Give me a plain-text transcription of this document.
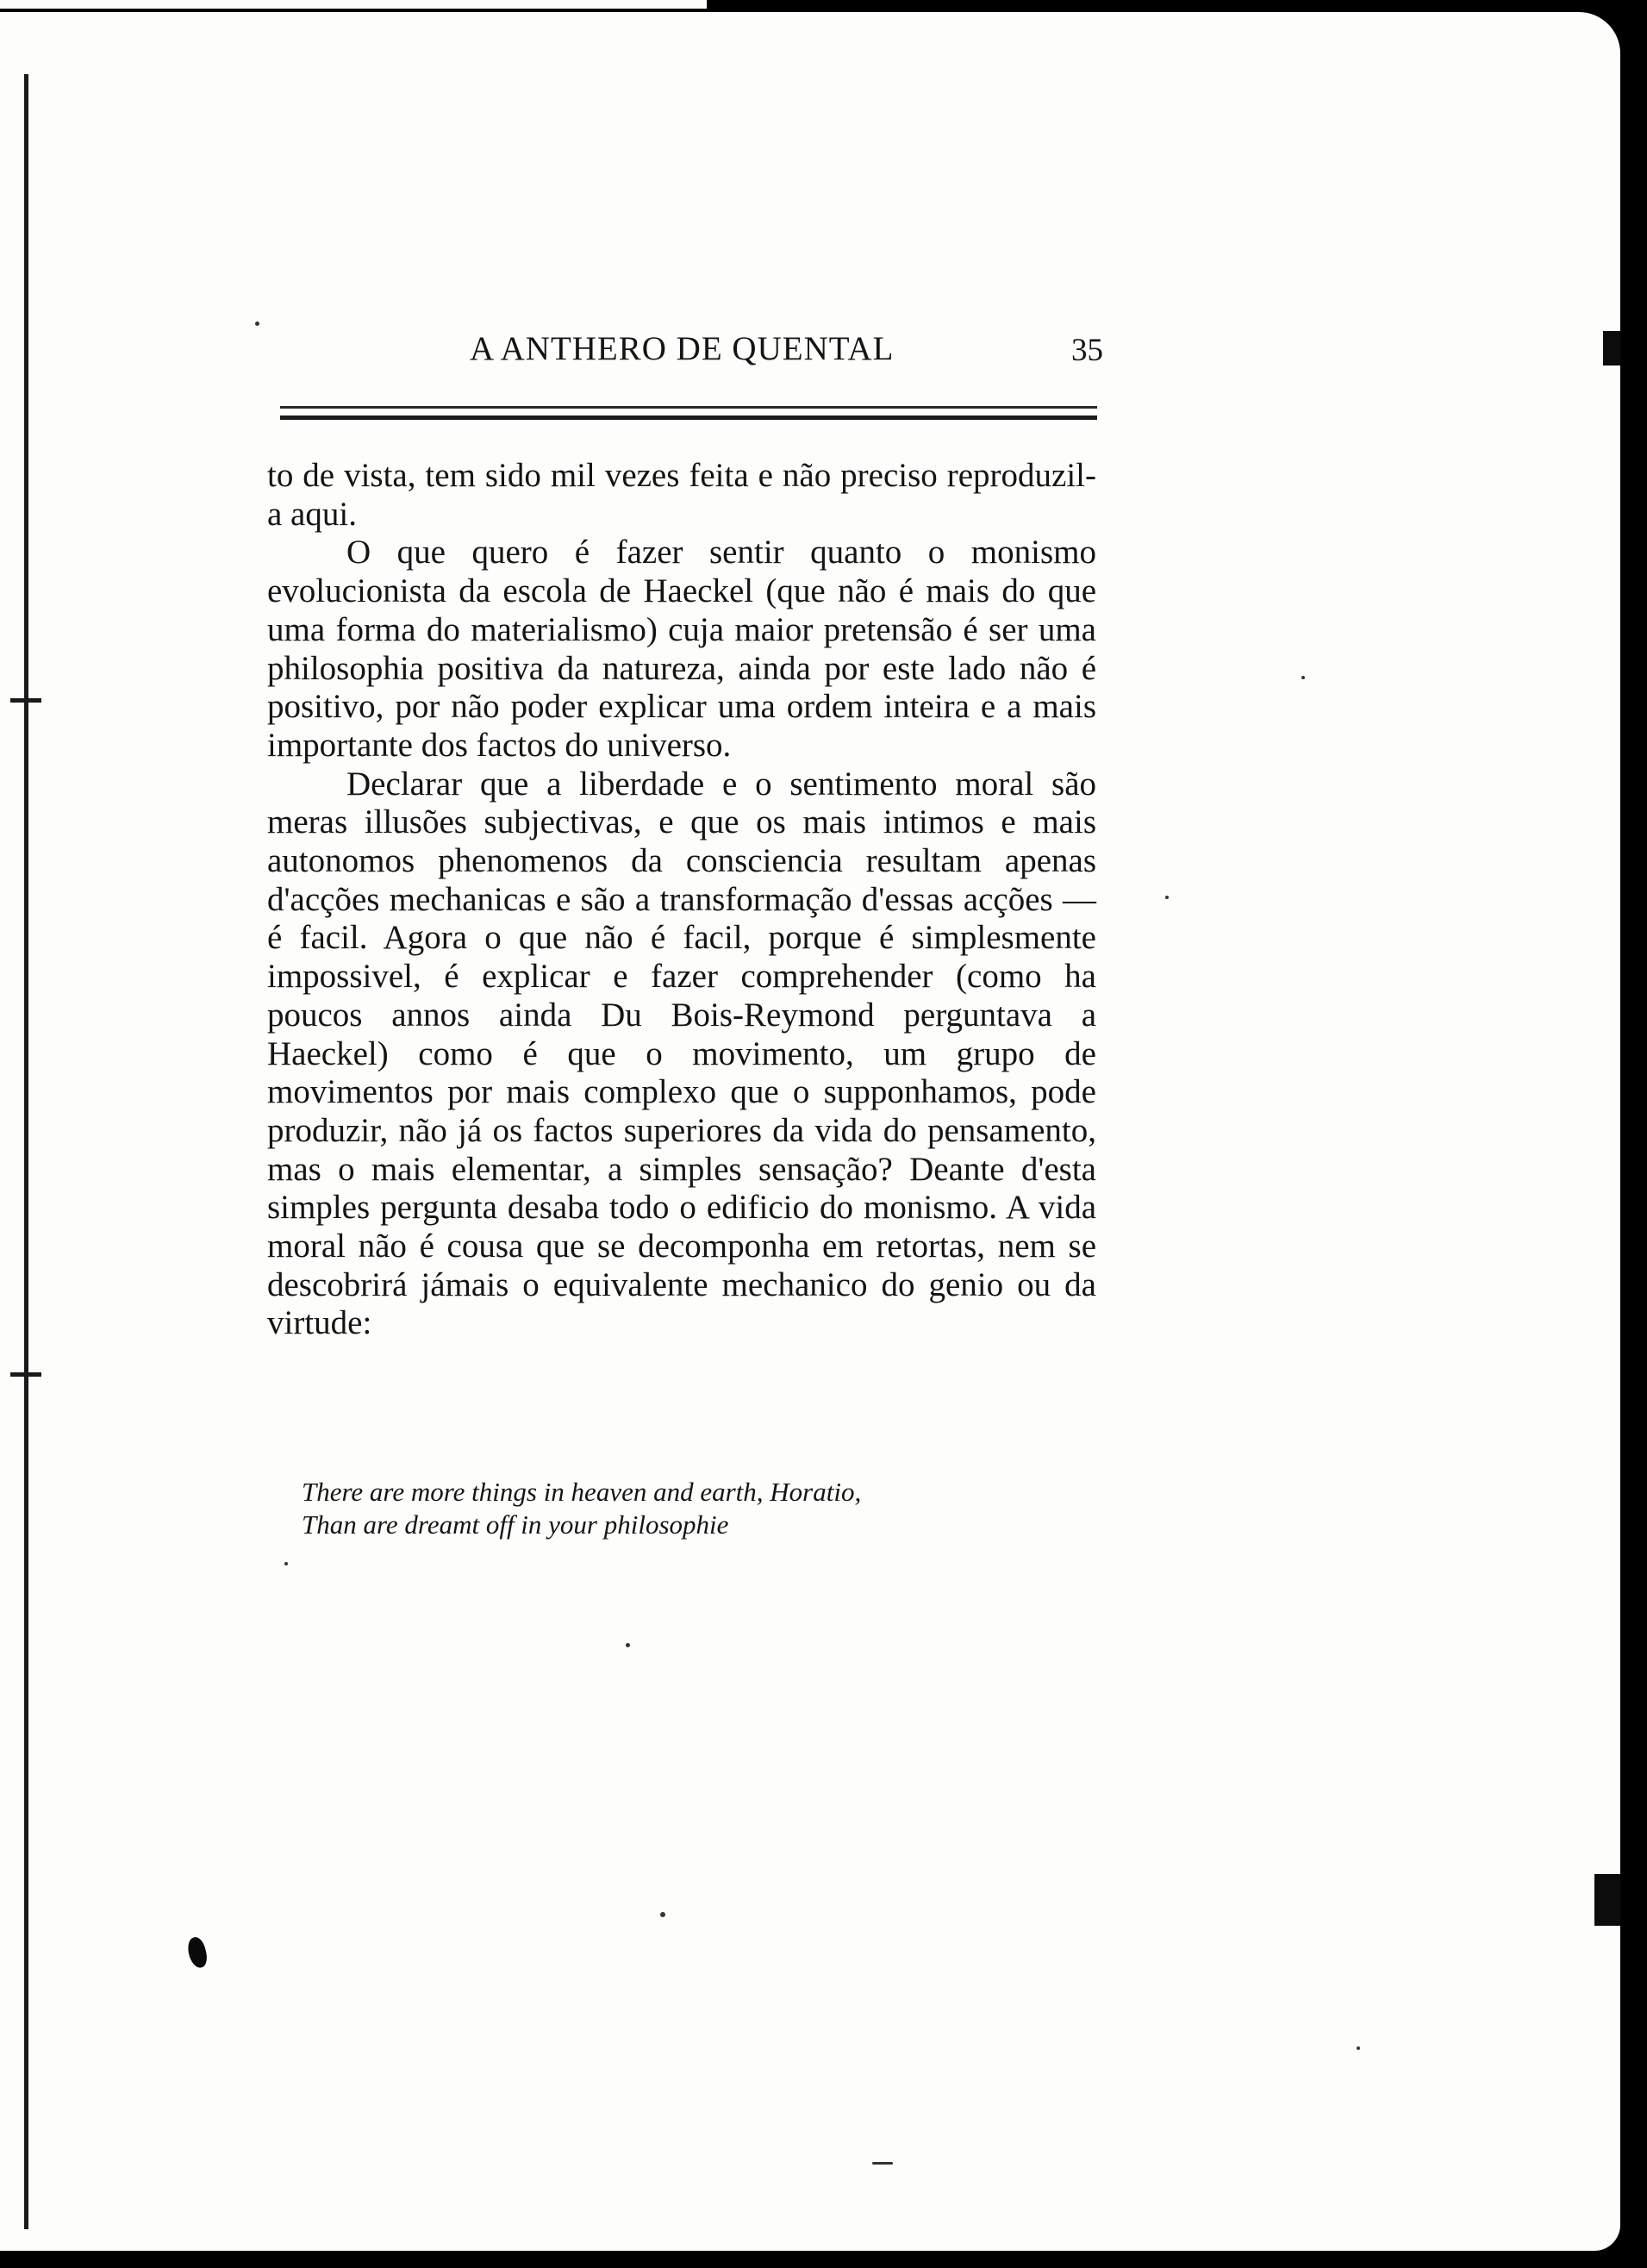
A ANTHERO DE QUENTAL	35

to de vista, tem sido mil vezes feita e não preciso reproduzil-a aqui.

O que quero é fazer sentir quanto o monismo evolucionista da escola de Haeckel (que não é mais do que uma forma do materialismo) cuja maior pretensão é ser uma philosophia positiva da natureza, ainda por este lado não é positivo, por não poder explicar uma ordem inteira e a mais importante dos factos do universo.

Declarar que a liberdade e o sentimento moral são meras illusões subjectivas, e que os mais intimos e mais autonomos phenomenos da consciencia resultam apenas d'acções mechanicas e são a transformação d'essas acções — é facil. Agora o que não é facil, porque é simplesmente impossivel, é explicar e fazer comprehender (como ha poucos annos ainda Du Bois-Reymond perguntava a Haeckel) como é que o movimento, um grupo de movimentos por mais complexo que o supponhamos, pode produzir, não já os factos superiores da vida do pensamento, mas o mais elementar, a simples sensação? Deante d'esta simples pergunta desaba todo o edificio do monismo. A vida moral não é cousa que se decomponha em retortas, nem se descobrirá jámais o equivalente mechanico do genio ou da virtude:

There are more things in heaven and earth, Horatio,
Than are dreamt off in your philosophie
